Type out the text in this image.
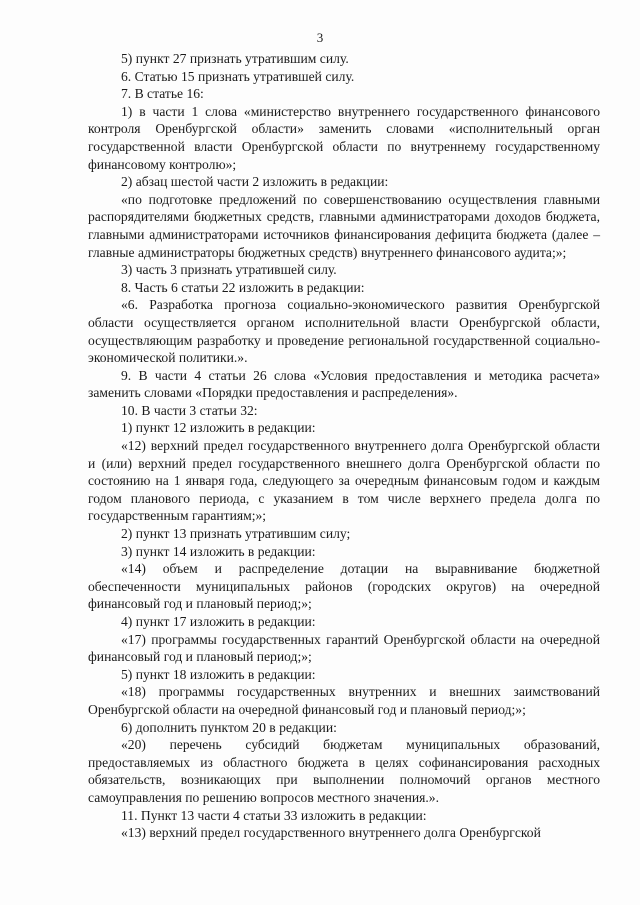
3

5) пункт 27 признать утратившим силу.

6. Статью 15 признать утратившей силу.

7. В статье 16:

1) в части 1 слова «министерство внутреннего государственного финансового контроля Оренбургской области» заменить словами «исполнительный орган государственной власти Оренбургской области по внутреннему государственному финансовому контролю»;

2) абзац шестой части 2 изложить в редакции:

«по подготовке предложений по совершенствованию осуществления главными распорядителями бюджетных средств, главными администраторами доходов бюджета, главными администраторами источников финансирования дефицита бюджета (далее – главные администраторы бюджетных средств) внутреннего финансового аудита;»;

3) часть 3 признать утратившей силу.

8. Часть 6 статьи 22 изложить в редакции:

«6. Разработка прогноза социально-экономического развития Оренбургской области осуществляется органом исполнительной власти Оренбургской области, осуществляющим разработку и проведение региональной государственной социально-экономической политики.».

9. В части 4 статьи 26 слова «Условия предоставления и методика расчета» заменить словами «Порядки предоставления и распределения».

10. В части 3 статьи 32:

1) пункт 12 изложить в редакции:

«12) верхний предел государственного внутреннего долга Оренбургской области и (или) верхний предел государственного внешнего долга Оренбургской области по состоянию на 1 января года, следующего за очередным финансовым годом и каждым годом планового периода, с указанием в том числе верхнего предела долга по государственным гарантиям;»;

2) пункт 13 признать утратившим силу;

3) пункт 14 изложить в редакции:

«14) объем и распределение дотации на выравнивание бюджетной обеспеченности муниципальных районов (городских округов) на очередной финансовый год и плановый период;»;

4) пункт 17 изложить в редакции:

«17) программы государственных гарантий Оренбургской области на очередной финансовый год и плановый период;»;

5) пункт 18 изложить в редакции:

«18) программы государственных внутренних и внешних заимствований Оренбургской области на очередной финансовый год и плановый период;»;

6) дополнить пунктом 20 в редакции:

«20) перечень субсидий бюджетам муниципальных образований, предоставляемых из областного бюджета в целях софинансирования расходных обязательств, возникающих при выполнении полномочий органов местного самоуправления по решению вопросов местного значения.».

11. Пункт 13 части 4 статьи 33 изложить в редакции:

«13) верхний предел государственного внутреннего долга Оренбургской
